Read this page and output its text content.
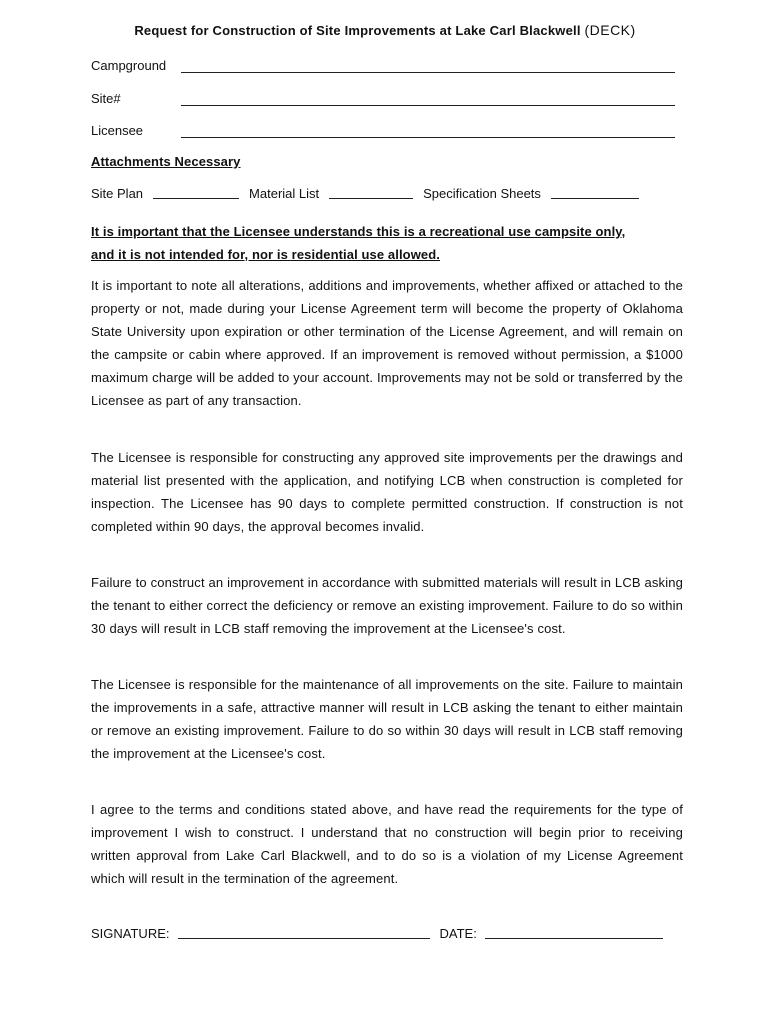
Request for Construction of Site Improvements at Lake Carl Blackwell (DECK)
Campground
Site#
Licensee
Attachments Necessary
Site Plan	Material List	Specification Sheets
It is important that the Licensee understands this is a recreational use campsite only,
and it is not intended for, nor is residential use allowed.

It is important to note all alterations, additions and improvements, whether affixed or attached to the property or not, made during your License Agreement term will become the property of Oklahoma State University upon expiration or other termination of the License Agreement, and will remain on the campsite or cabin where approved. If an improvement is removed without permission, a $1000 maximum charge will be added to your account. Improvements may not be sold or transferred by the Licensee as part of any transaction.

The Licensee is responsible for constructing any approved site improvements per the drawings and material list presented with the application, and notifying LCB when construction is completed for inspection. The Licensee has 90 days to complete permitted construction. If construction is not completed within 90 days, the approval becomes invalid.

Failure to construct an improvement in accordance with submitted materials will result in LCB asking the tenant to either correct the deficiency or remove an existing improvement. Failure to do so within 30 days will result in LCB staff removing the improvement at the Licensee's cost.

The Licensee is responsible for the maintenance of all improvements on the site. Failure to maintain the improvements in a safe, attractive manner will result in LCB asking the tenant to either maintain or remove an existing improvement. Failure to do so within 30 days will result in LCB staff removing the improvement at the Licensee's cost.

I agree to the terms and conditions stated above, and have read the requirements for the type of improvement I wish to construct. I understand that no construction will begin prior to receiving written approval from Lake Carl Blackwell, and to do so is a violation of my License Agreement which will result in the termination of the agreement.

SIGNATURE:	DATE:
